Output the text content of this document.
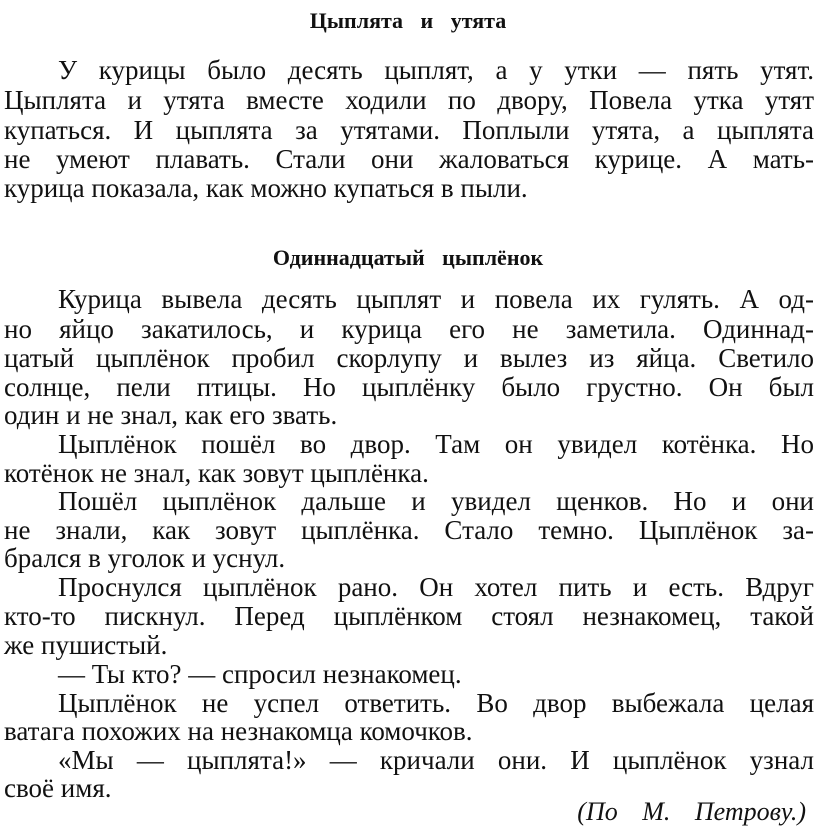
Цыплята и утята
У курицы было десять цыплят, а у утки — пять утят.
Цыплята и утята вместе ходили по двору, Повела утка утят
купаться. И цыплята за утятами. Поплыли утята, а цыплята
не умеют плавать. Стали они жаловаться курице. А мать-
курица показала, как можно купаться в пыли.
Одиннадцатый цыплёнок
Курица вывела десять цыплят и повела их гулять. А од-
но яйцо закатилось, и курица его не заметила. Одиннад-
цатый цыплёнок пробил скорлупу и вылез из яйца. Светило
солнце, пели птицы. Но цыплёнку было грустно. Он был
один и не знал, как его звать.
Цыплёнок пошёл во двор. Там он увидел котёнка. Но
котёнок не знал, как зовут цыплёнка.
Пошёл цыплёнок дальше и увидел щенков. Но и они
не знали, как зовут цыплёнка. Стало темно. Цыплёнок за-
брался в уголок и уснул.
Проснулся цыплёнок рано. Он хотел пить и есть. Вдруг
кто-то пискнул. Перед цыплёнком стоял незнакомец, такой
же пушистый.
— Ты кто? — спросил незнакомец.
Цыплёнок не успел ответить. Во двор выбежала целая
ватага похожих на незнакомца комочков.
«Мы — цыплята!» — кричали они. И цыплёнок узнал
своё имя.
(По М. Петрову.)
